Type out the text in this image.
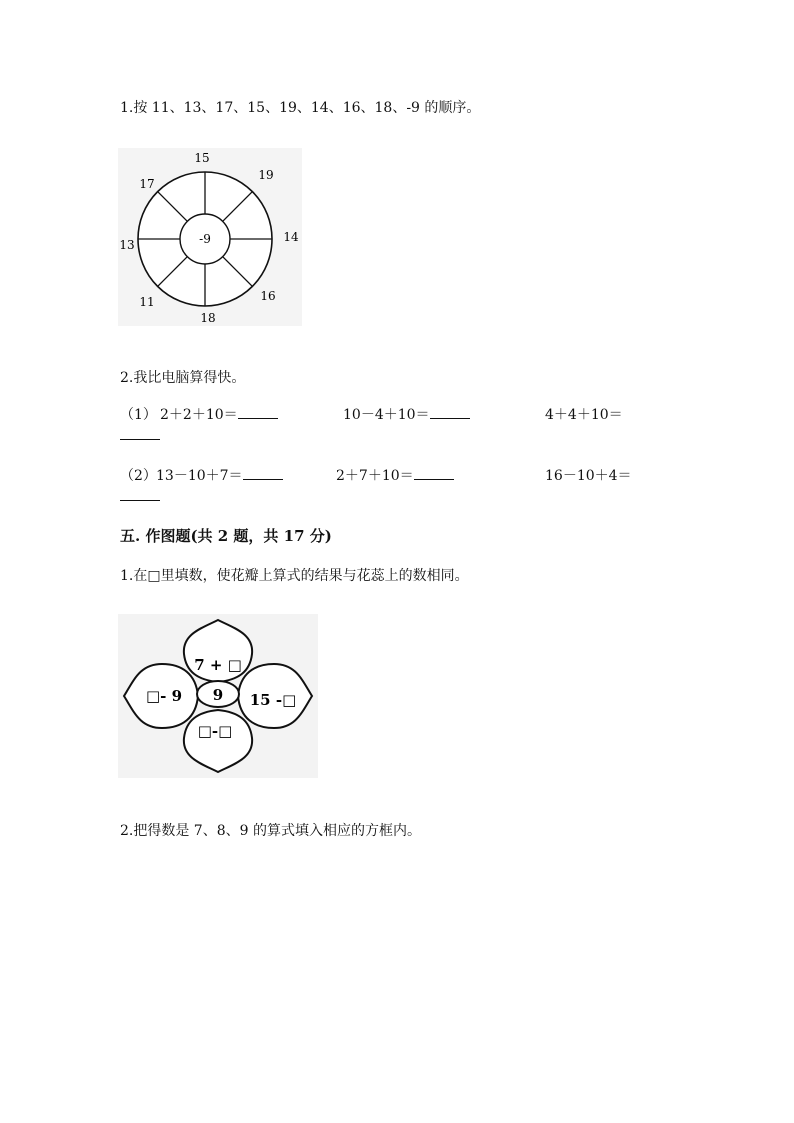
1.按 11、13、17、15、19、14、16、18、-9 的顺序。
-9
15
19
14
16
18
11
13
17
2.我比电脑算得快。
（1） 2＋2＋10＝	10－4＋10＝	4＋4＋10＝
（2） 13－10＋7＝	2＋7＋10＝	16－10＋4＝
五. 作图题(共 2 题，共 17 分)
1.在□里填数，使花瓣上算式的结果与花蕊上的数相同。
9
7 + □
□- 9	15 -□
□-□
2.把得数是 7、8、9 的算式填入相应的方框内。
